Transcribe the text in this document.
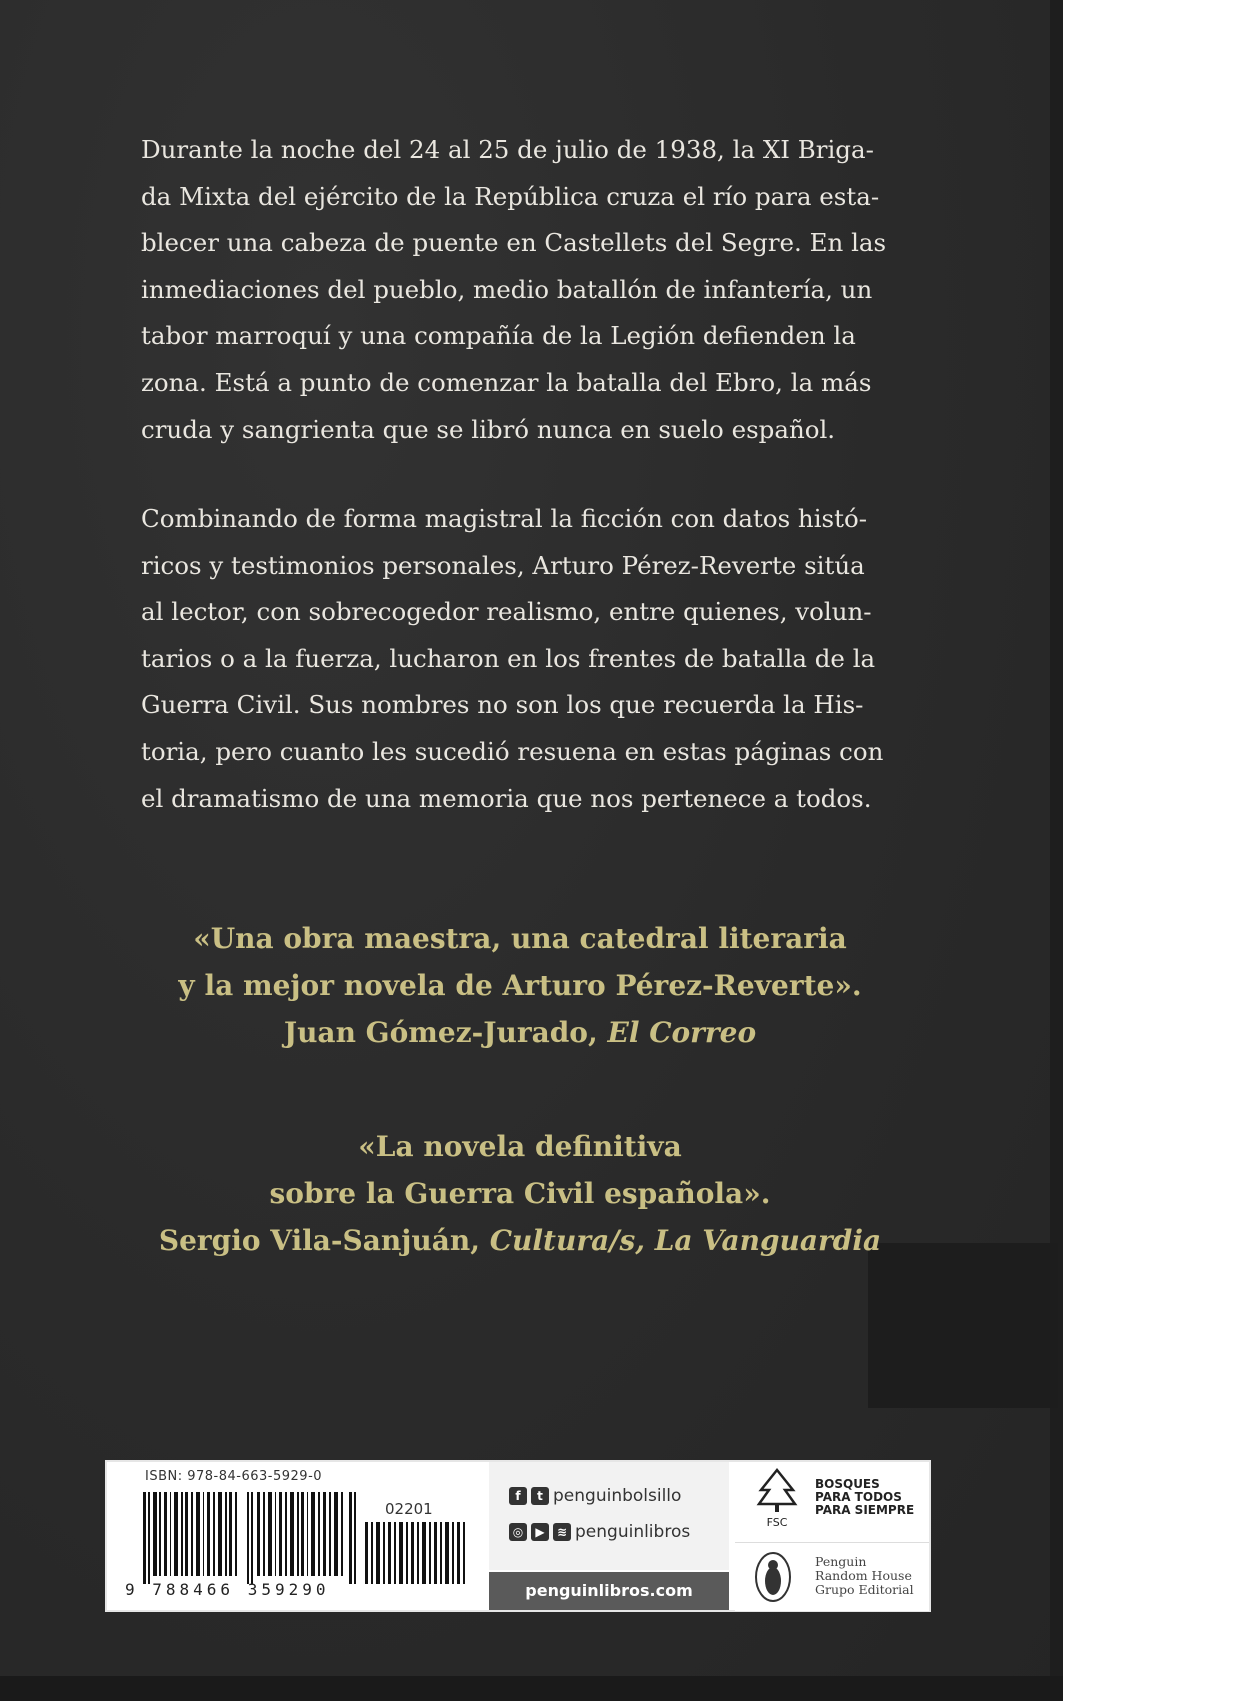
Durante la noche del 24 al 25 de julio de 1938, la XI Briga-

da Mixta del ejército de la República cruza el río para esta-

blecer una cabeza de puente en Castellets del Segre. En las

inmediaciones del pueblo, medio batallón de infantería, un

tabor marroquí y una compañía de la Legión defienden la

zona. Está a punto de comenzar la batalla del Ebro, la más

cruda y sangrienta que se libró nunca en suelo español.

Combinando de forma magistral la ficción con datos histó-

ricos y testimonios personales, Arturo Pérez-Reverte sitúa

al lector, con sobrecogedor realismo, entre quienes, volun-

tarios o a la fuerza, lucharon en los frentes de batalla de la

Guerra Civil. Sus nombres no son los que recuerda la His-

toria, pero cuanto les sucedió resuena en estas páginas con

el dramatismo de una memoria que nos pertenece a todos.

«Una obra maestra, una catedral literaria
y la mejor novela de Arturo Pérez-Reverte».
Juan Gómez-Jurado, El Correo
«La novela definitiva
sobre la Guerra Civil española».
Sergio Vila-Sanjuán, Cultura/s, La Vanguardia
ISBN: 978-84-663-5929-0
02201
9 788466 359290
f	t penguinbolsillo
◎	▶	≋ penguinlibros
penguinlibros.com
FSC
BOSQUES
PARA TODOS
PARA SIEMPRE
Penguin
Random House
Grupo Editorial
